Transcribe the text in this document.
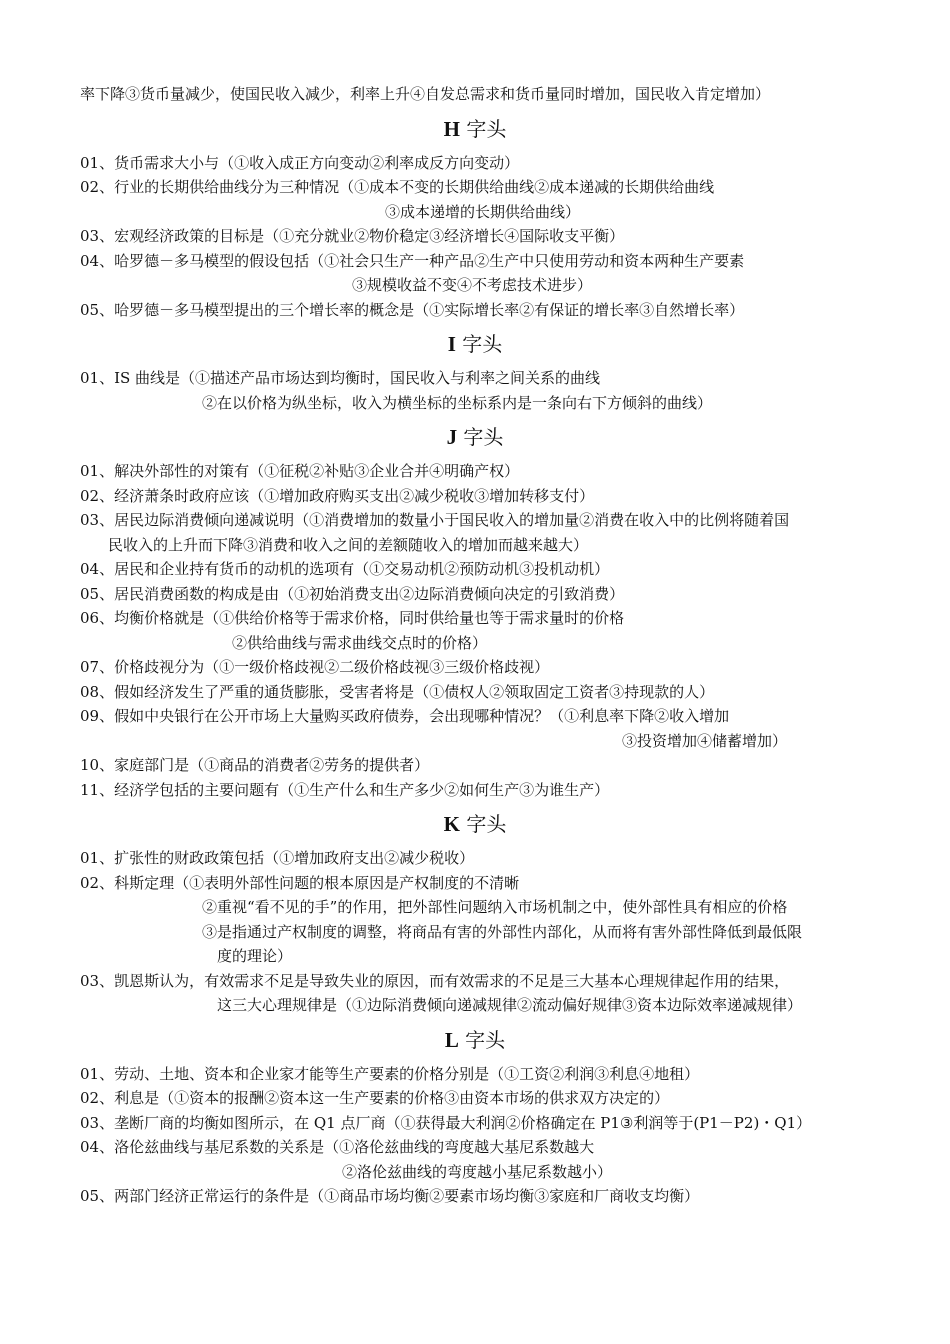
率下降③货币量减少，使国民收入减少，利率上升④自发总需求和货币量同时增加，国民收入肯定增加）
H 字头
01、货币需求大小与（①收入成正方向变动②利率成反方向变动）
02、行业的长期供给曲线分为三种情况（①成本不变的长期供给曲线②成本递减的长期供给曲线
③成本递增的长期供给曲线）
03、宏观经济政策的目标是（①充分就业②物价稳定③经济增长④国际收支平衡）
04、哈罗德－多马模型的假设包括（①社会只生产一种产品②生产中只使用劳动和资本两种生产要素
③规模收益不变④不考虑技术进步）
05、哈罗德－多马模型提出的三个增长率的概念是（①实际增长率②有保证的增长率③自然增长率）
I 字头
01、IS 曲线是（①描述产品市场达到均衡时，国民收入与利率之间关系的曲线
②在以价格为纵坐标，收入为横坐标的坐标系内是一条向右下方倾斜的曲线）
J 字头
01、解决外部性的对策有（①征税②补贴③企业合并④明确产权）
02、经济萧条时政府应该（①增加政府购买支出②减少税收③增加转移支付）
03、居民边际消费倾向递减说明（①消费增加的数量小于国民收入的增加量②消费在收入中的比例将随着国
民收入的上升而下降③消费和收入之间的差额随收入的增加而越来越大）
04、居民和企业持有货币的动机的选项有（①交易动机②预防动机③投机动机）
05、居民消费函数的构成是由（①初始消费支出②边际消费倾向决定的引致消费）
06、均衡价格就是（①供给价格等于需求价格，同时供给量也等于需求量时的价格
②供给曲线与需求曲线交点时的价格）
07、价格歧视分为（①一级价格歧视②二级价格歧视③三级价格歧视）
08、假如经济发生了严重的通货膨胀，受害者将是（①债权人②领取固定工资者③持现款的人）
09、假如中央银行在公开市场上大量购买政府债券，会出现哪种情况？（①利息率下降②收入增加
③投资增加④储蓄增加）
10、家庭部门是（①商品的消费者②劳务的提供者）
11、经济学包括的主要问题有（①生产什么和生产多少②如何生产③为谁生产）
K 字头
01、扩张性的财政政策包括（①增加政府支出②减少税收）
02、科斯定理（①表明外部性问题的根本原因是产权制度的不清晰
②重视“看不见的手”的作用，把外部性问题纳入市场机制之中，使外部性具有相应的价格
③是指通过产权制度的调整，将商品有害的外部性内部化，从而将有害外部性降低到最低限
度的理论）
03、凯恩斯认为，有效需求不足是导致失业的原因，而有效需求的不足是三大基本心理规律起作用的结果，
这三大心理规律是（①边际消费倾向递减规律②流动偏好规律③资本边际效率递减规律）
L 字头
01、劳动、土地、资本和企业家才能等生产要素的价格分别是（①工资②利润③利息④地租）
02、利息是（①资本的报酬②资本这一生产要素的价格③由资本市场的供求双方决定的）
03、垄断厂商的均衡如图所示，在 Q1 点厂商（①获得最大利润②价格确定在 P1③利润等于(P1－P2)・Q1）
04、洛伦兹曲线与基尼系数的关系是（①洛伦兹曲线的弯度越大基尼系数越大
②洛伦兹曲线的弯度越小基尼系数越小）
05、两部门经济正常运行的条件是（①商品市场均衡②要素市场均衡③家庭和厂商收支均衡）
